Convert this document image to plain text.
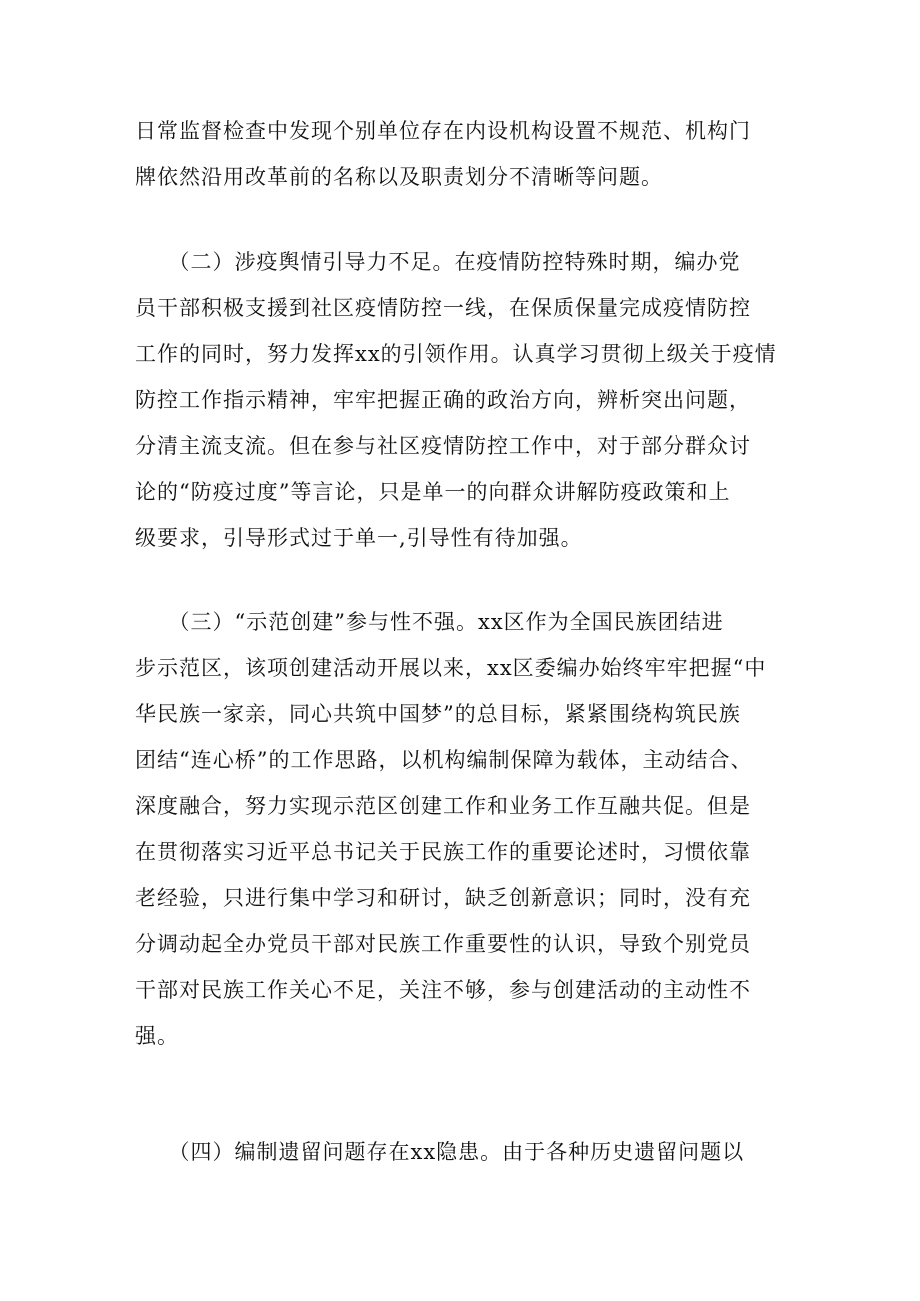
日常监督检查中发现个别单位存在内设机构设置不规范、机构门
牌依然沿用改革前的名称以及职责划分不清晰等问题。
　　（二）涉疫舆情引导力不足。在疫情防控特殊时期，编办党
员干部积极支援到社区疫情防控一线，在保质保量完成疫情防控
工作的同时，努力发挥xx的引领作用。认真学习贯彻上级关于疫情
防控工作指示精神，牢牢把握正确的政治方向，辨析突出问题，
分清主流支流。但在参与社区疫情防控工作中，对于部分群众讨
论的“防疫过度”等言论，只是单一的向群众讲解防疫政策和上
级要求，引导形式过于单一,引导性有待加强。
　　（三）“示范创建”参与性不强。xx区作为全国民族团结进
步示范区，该项创建活动开展以来，xx区委编办始终牢牢把握“中
华民族一家亲，同心共筑中国梦”的总目标，紧紧围绕构筑民族
团结“连心桥”的工作思路，以机构编制保障为载体，主动结合、
深度融合，努力实现示范区创建工作和业务工作互融共促。但是
在贯彻落实习近平总书记关于民族工作的重要论述时，习惯依靠
老经验，只进行集中学习和研讨，缺乏创新意识；同时，没有充
分调动起全办党员干部对民族工作重要性的认识，导致个别党员
干部对民族工作关心不足，关注不够，参与创建活动的主动性不
强。
　　（四）编制遗留问题存在xx隐患。由于各种历史遗留问题以
